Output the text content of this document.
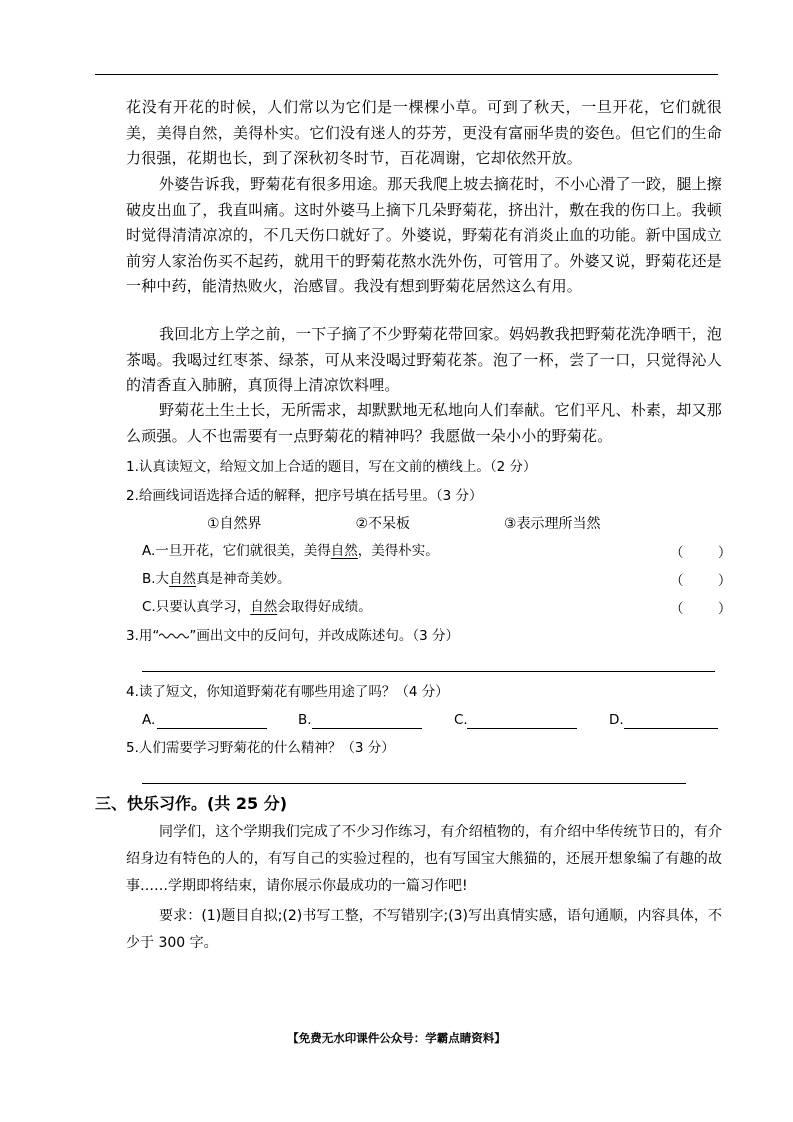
花没有开花的时候，人们常以为它们是一棵棵小草。可到了秋天，一旦开花，它们就很美，美得自然，美得朴实。它们没有迷人的芬芳，更没有富丽华贵的姿色。但它们的生命力很强，花期也长，到了深秋初冬时节，百花凋谢，它却依然开放。

外婆告诉我，野菊花有很多用途。那天我爬上坡去摘花时，不小心滑了一跤，腿上擦破皮出血了，我直叫痛。这时外婆马上摘下几朵野菊花，挤出汁，敷在我的伤口上。我顿时觉得清清凉凉的，不几天伤口就好了。外婆说，野菊花有消炎止血的功能。新中国成立前穷人家治伤买不起药，就用干的野菊花熬水洗外伤，可管用了。外婆又说，野菊花还是一种中药，能清热败火，治感冒。我没有想到野菊花居然这么有用。

我回北方上学之前，一下子摘了不少野菊花带回家。妈妈教我把野菊花洗净晒干，泡茶喝。我喝过红枣茶、绿茶，可从来没喝过野菊花茶。泡了一杯，尝了一口，只觉得沁人的清香直入肺腑，真顶得上清凉饮料哩。

野菊花土生土长，无所需求，却默默地无私地向人们奉献。它们平凡、朴素，却又那么顽强。人不也需要有一点野菊花的精神吗？我愿做一朵小小的野菊花。

1.认真读短文，给短文加上合适的题目，写在文前的横线上。（2 分）
2.给画线词语选择合适的解释，把序号填在括号里。（3 分）
①自然界	②不呆板	③表示理所当然
A.一旦开花，它们就很美，美得自然，美得朴实。	（        ）
B.大自然真是神奇美妙。	（        ）
C.只要认真学习，自然会取得好成绩。	（        ）
3.用“ ”画出文中的反问句，并改成陈述句。（3 分）
4.读了短文，你知道野菊花有哪些用途了吗？（4 分）
A.	B.	C.	D.
5.人们需要学习野菊花的什么精神？（3 分）
三、快乐习作。(共 25 分)

同学们，这个学期我们完成了不少习作练习，有介绍植物的，有介绍中华传统节日的，有介绍身边有特色的人的，有写自己的实验过程的，也有写国宝大熊猫的，还展开想象编了有趣的故事……学期即将结束，请你展示你最成功的一篇习作吧!

要求：(1)题目自拟;(2)书写工整，不写错别字;(3)写出真情实感，语句通顺，内容具体，不少于 300 字。

【免费无水印课件公众号：学霸点睛资料】
